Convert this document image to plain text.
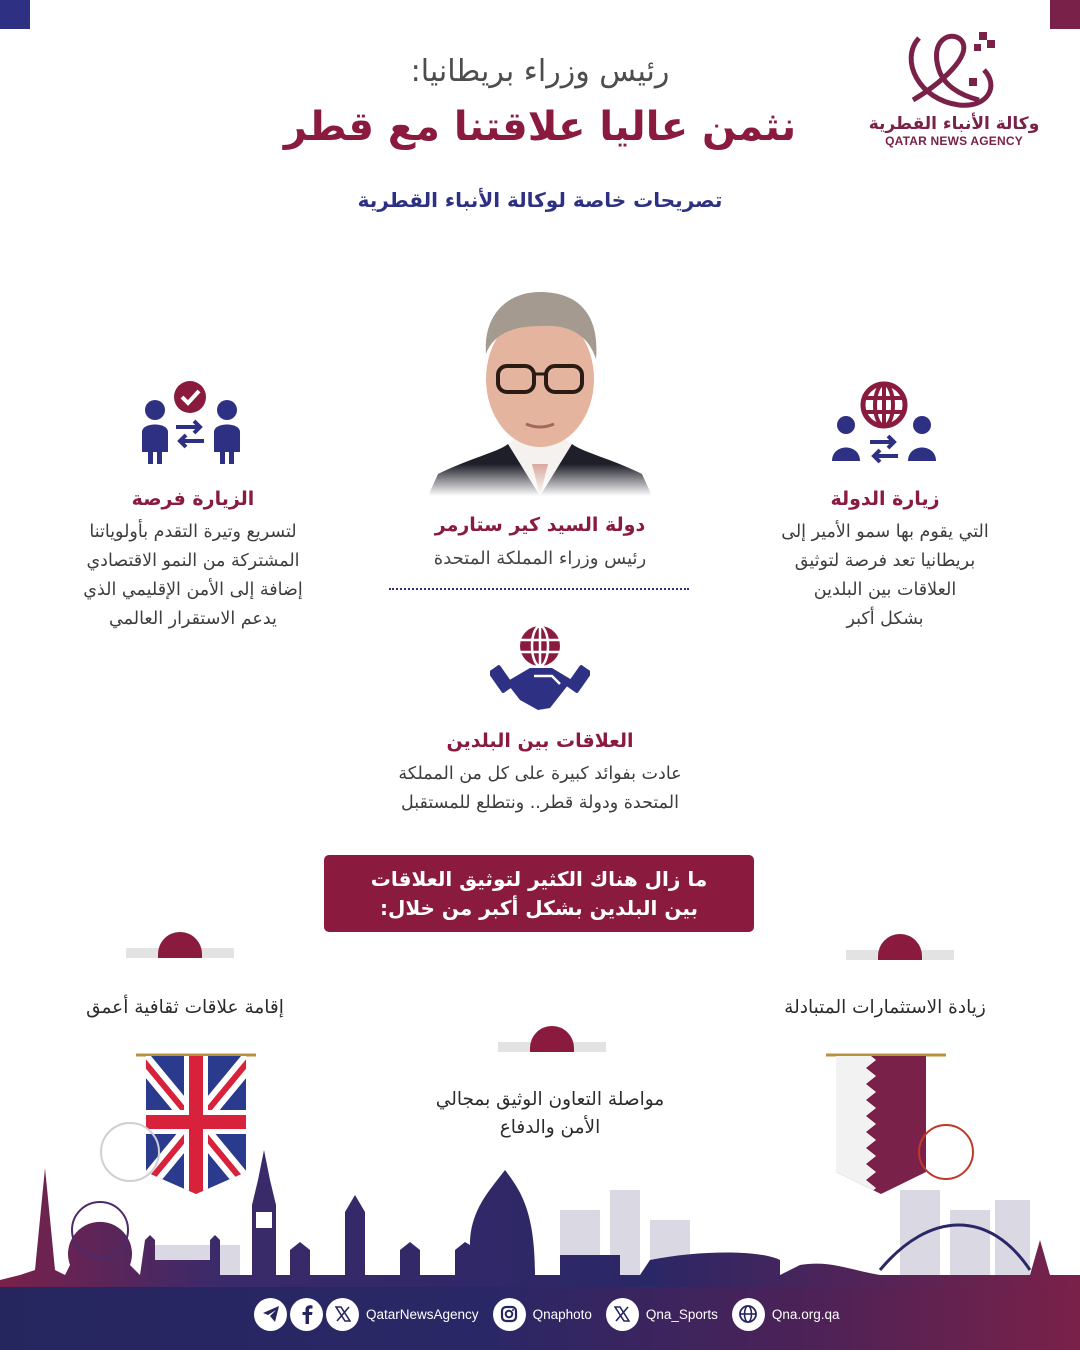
وكالة الأنباء القطرية
QATAR NEWS AGENCY
رئيس وزراء بريطانيا:
نثمن عاليا علاقتنا مع قطر
تصريحات خاصة لوكالة الأنباء القطرية
دولة السيد كير ستارمر
رئيس وزراء المملكة المتحدة
زيارة الدولة
التي يقوم بها سمو الأمير إلى
بريطانيا تعد فرصة لتوثيق
العلاقات بين البلدين
بشكل أكبر
الزيارة فرصة
لتسريع وتيرة التقدم بأولوياتنا
المشتركة من النمو الاقتصادي
إضافة إلى الأمن الإقليمي الذي
يدعم الاستقرار العالمي
العلاقات بين البلدين
عادت بفوائد كبيرة على كل من المملكة
المتحدة ودولة قطر.. ونتطلع للمستقبل
ما زال هناك الكثير لتوثيق العلاقات
بين البلدين بشكل أكبر من خلال:
زيادة الاستثمارات المتبادلة
إقامة علاقات ثقافية أعمق
مواصلة التعاون الوثيق بمجالي
الأمن والدفاع
QatarNewsAgency	Qnaphoto	Qna_Sports	Qna.org.qa
